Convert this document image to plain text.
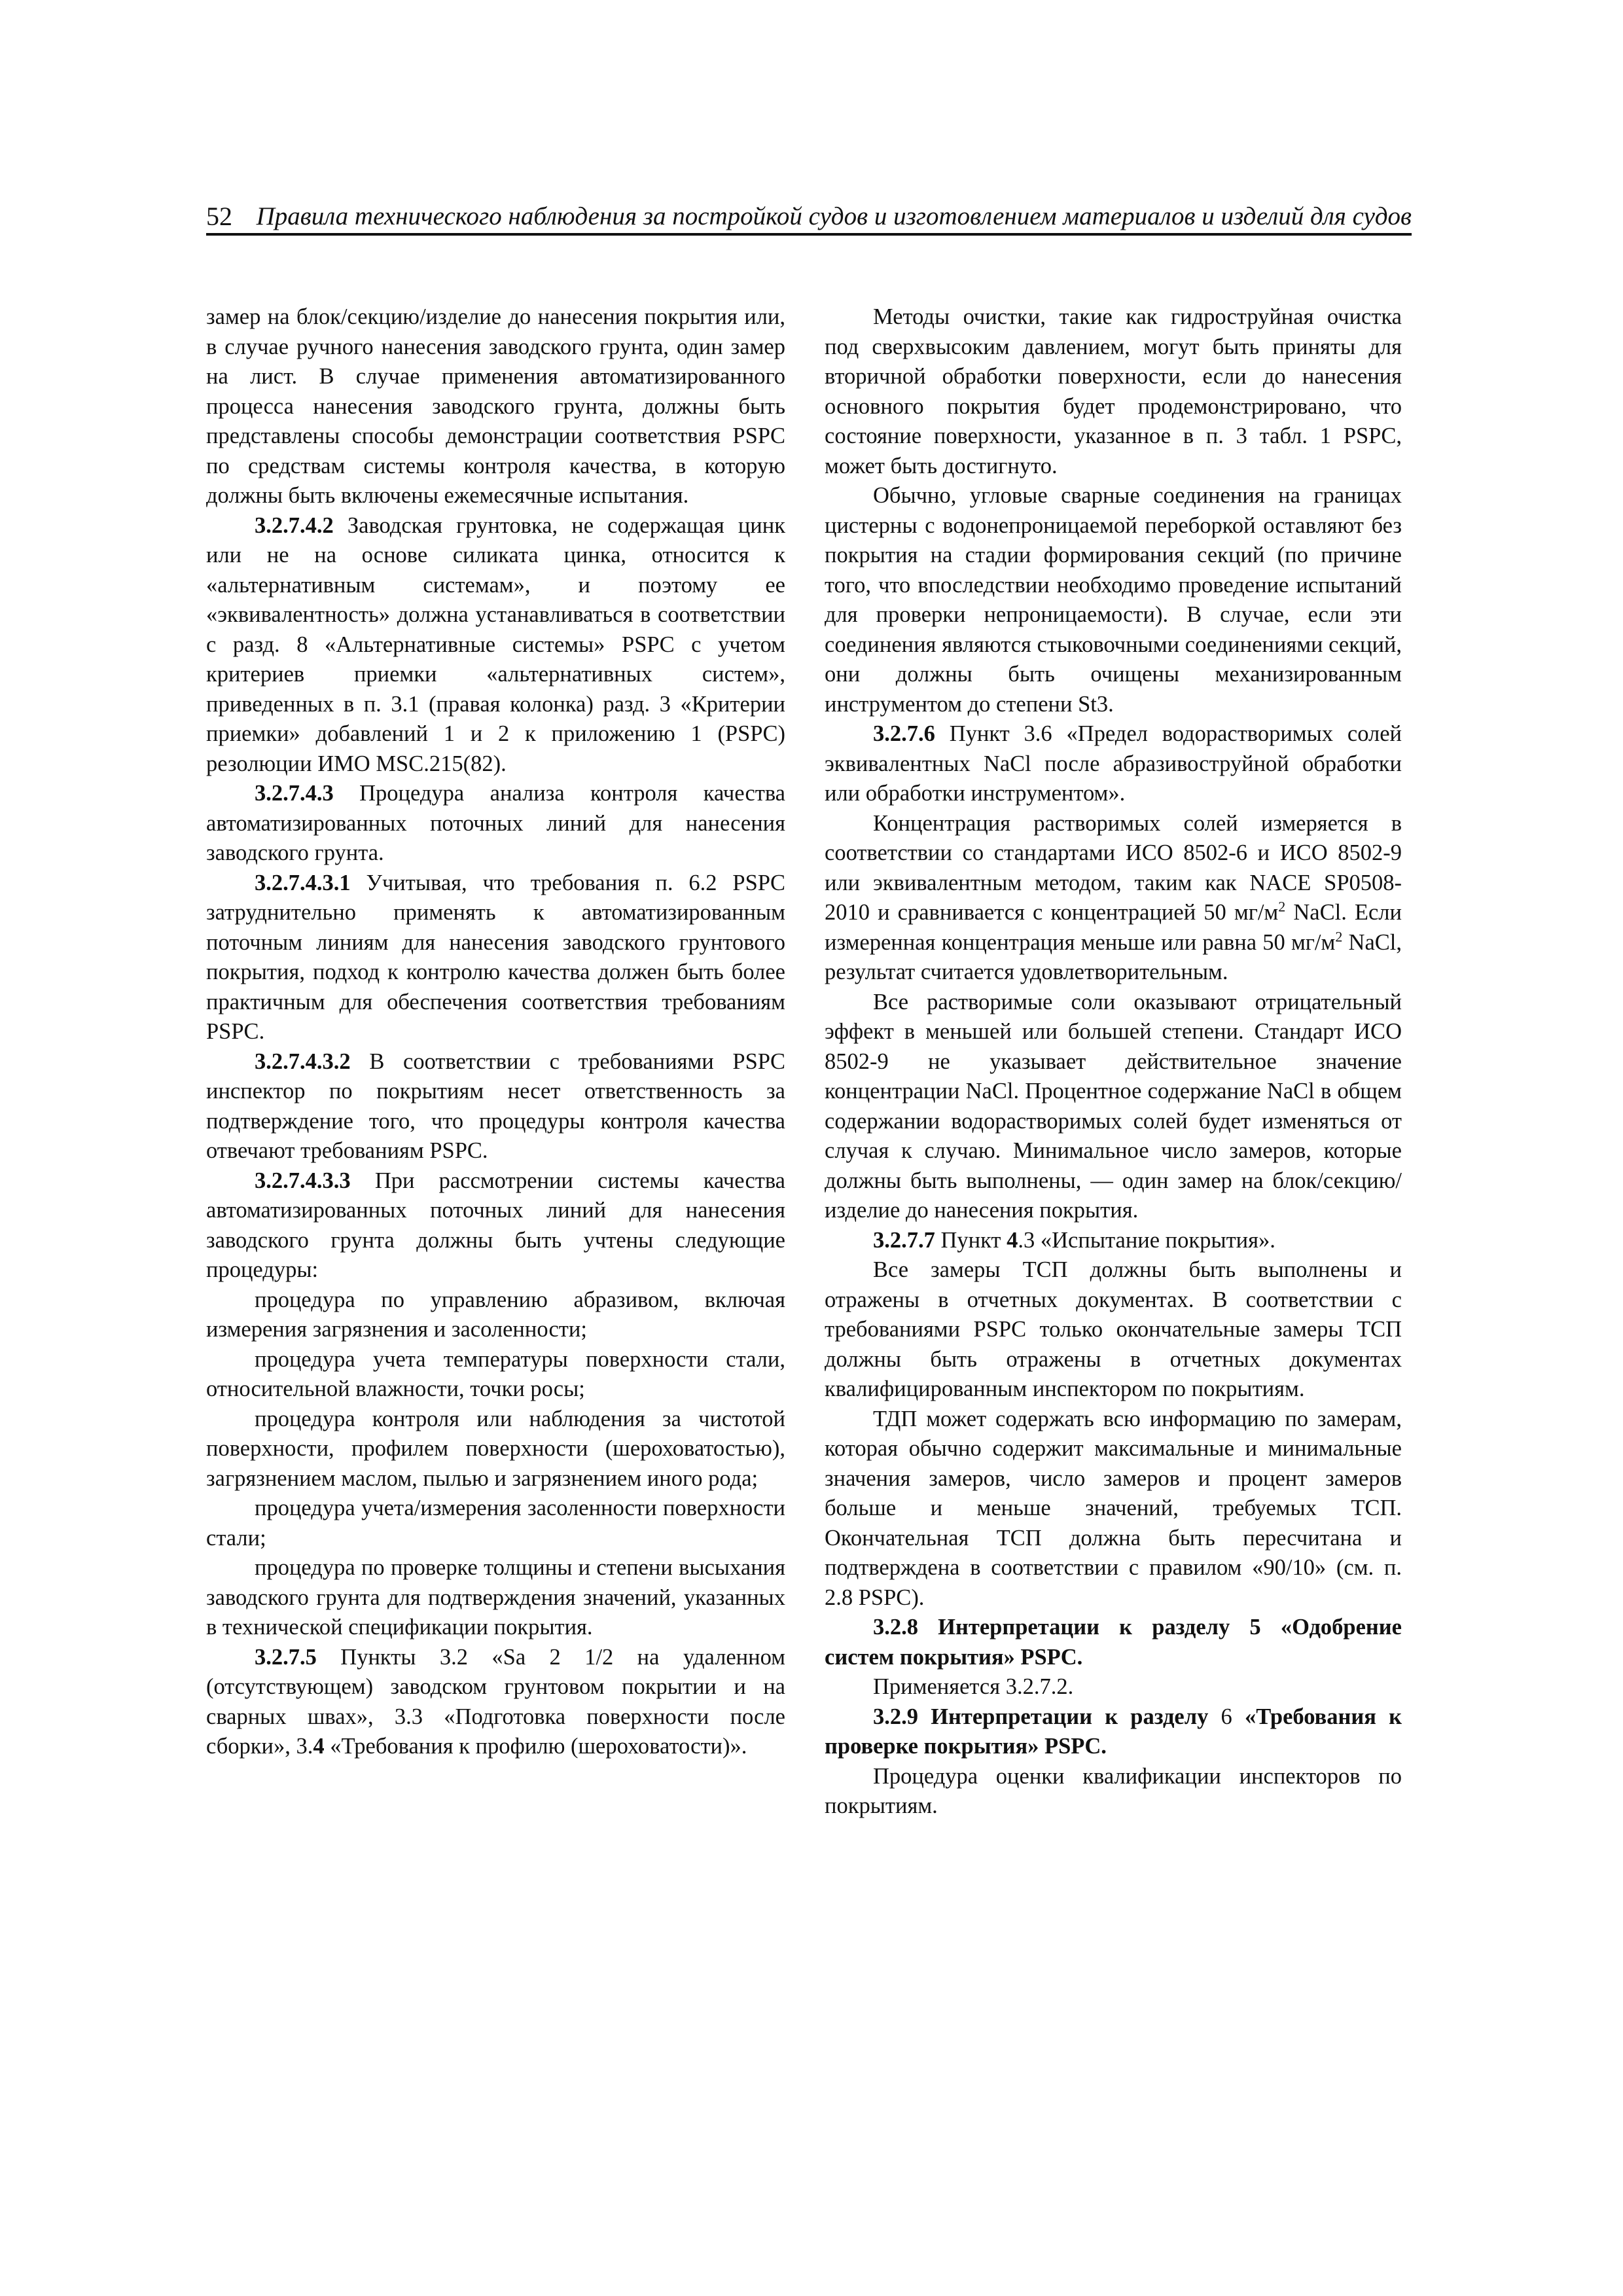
52 Правила технического наблюдения за постройкой судов и изготовлением материалов и изделий для судов

замер на блок/секцию/изделие до нанесения покрытия или, в случае ручного нанесения заводского грунта, один замер на лист. В случае применения автоматизированного процесса нанесения заводского грунта, должны быть представлены способы демонстрации соответствия PSPC по средствам системы контроля качества, в которую должны быть включены ежемесячные испытания.

3.2.7.4.2 Заводская грунтовка, не содержащая цинк или не на основе силиката цинка, относится к «альтернативным системам», и поэтому ее «эквивалентность» должна устанавливаться в соответствии с разд. 8 «Альтернативные системы» PSPC с учетом критериев приемки «альтернативных систем», приведенных в п. 3.1 (правая колонка) разд. 3 «Критерии приемки» добавлений 1 и 2 к приложению 1 (PSPC) резолюции ИМО MSC.215(82).

3.2.7.4.3 Процедура анализа контроля качества автоматизированных поточных линий для нанесения заводского грунта.

3.2.7.4.3.1 Учитывая, что требования п. 6.2 PSPC затруднительно применять к автоматизированным поточным линиям для нанесения заводского грунтового покрытия, подход к контролю качества должен быть более практичным для обеспечения соответствия требованиям PSPC.

3.2.7.4.3.2 В соответствии с требованиями PSPC инспектор по покрытиям несет ответственность за подтверждение того, что процедуры контроля качества отвечают требованиям PSPC.

3.2.7.4.3.3 При рассмотрении системы качества автоматизированных поточных линий для нанесения заводского грунта должны быть учтены следующие процедуры:

процедура по управлению абразивом, включая измерения загрязнения и засоленности;

процедура учета температуры поверхности стали, относительной влажности, точки росы;

процедура контроля или наблюдения за чистотой поверхности, профилем поверхности (шероховатостью), загрязнением маслом, пылью и загрязнением иного рода;

процедура учета/измерения засоленности поверхности стали;

процедура по проверке толщины и степени высыхания заводского грунта для подтверждения значений, указанных в технической спецификации покрытия.

3.2.7.5 Пункты 3.2 «Sa 2 1/2 на удаленном (отсутствующем) заводском грунтовом покрытии и на сварных швах», 3.3 «Подготовка поверхности после сборки», 3.4 «Требования к профилю (шероховатости)».

Методы очистки, такие как гидроструйная очистка под сверхвысоким давлением, могут быть приняты для вторичной обработки поверхности, если до нанесения основного покрытия будет продемонстрировано, что состояние поверхности, указанное в п. 3 табл. 1 PSPC, может быть достигнуто.

Обычно, угловые сварные соединения на границах цистерны с водонепроницаемой переборкой оставляют без покрытия на стадии формирования секций (по причине того, что впоследствии необходимо проведение испытаний для проверки непроницаемости). В случае, если эти соединения являются стыковочными соединениями секций, они должны быть очищены механизированным инструментом до степени St3.

3.2.7.6 Пункт 3.6 «Предел водорастворимых солей эквивалентных NaCl после абразивоструйной обработки или обработки инструментом».

Концентрация растворимых солей измеряется в соответствии со стандартами ИСО 8502-6 и ИСО 8502-9 или эквивалентным методом, таким как NACE SP0508-2010 и сравнивается с концентрацией 50 $мг/м^2$ NaCl. Если измеренная концентрация меньше или равна 50 $мг/м^2$ NaCl, результат считается удовлетворительным.

Все растворимые соли оказывают отрицательный эффект в меньшей или большей степени. Стандарт ИСО 8502-9 не указывает действительное значение концентрации NaCl. Процентное содержание NaCl в общем содержании водорастворимых солей будет изменяться от случая к случаю. Минимальное число замеров, которые должны быть выполнены, — один замер на блок/секцию/изделие до нанесения покрытия.

3.2.7.7 Пункт 4.3 «Испытание покрытия».

Все замеры ТСП должны быть выполнены и отражены в отчетных документах. В соответствии с требованиями PSPC только окончательные замеры ТСП должны быть отражены в отчетных документах квалифицированным инспектором по покрытиям.

ТДП может содержать всю информацию по замерам, которая обычно содержит максимальные и минимальные значения замеров, число замеров и процент замеров больше и меньше значений, требуемых ТСП. Окончательная ТСП должна быть пересчитана и подтверждена в соответствии с правилом «90/10» (см. п. 2.8 PSPC).

3.2.8 Интерпретации к разделу 5 «Одобрение систем покрытия» PSPC.

Применяется 3.2.7.2.

3.2.9 Интерпретации к разделу 6 «Требования к проверке покрытия» PSPC.

Процедура оценки квалификации инспекторов по покрытиям.
